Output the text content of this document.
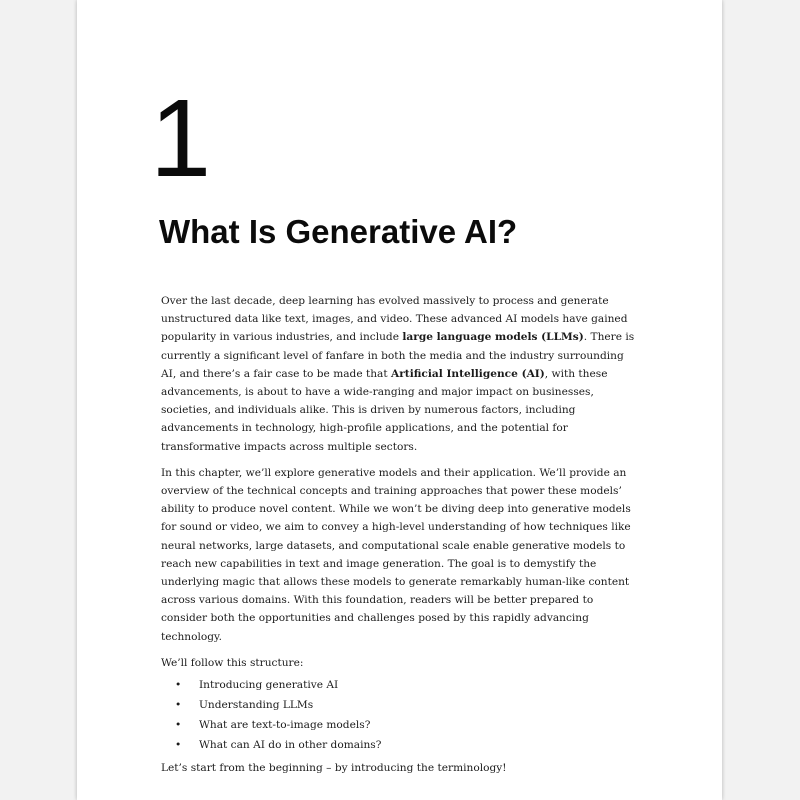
1
What Is Generative AI?

Over the last decade, deep learning has evolved massively to process and generate unstructured data like text, images, and video. These advanced AI models have gained popularity in various industries, and include large language models (LLMs). There is currently a significant level of fanfare in both the media and the industry surrounding AI, and there’s a fair case to be made that Artificial Intelligence (AI), with these advancements, is about to have a wide-ranging and major impact on businesses, societies, and individuals alike. This is driven by numerous factors, including advancements in technology, high-profile applications, and the potential for transformative impacts across multiple sectors.

In this chapter, we’ll explore generative models and their application. We’ll provide an overview of the technical concepts and training approaches that power these models’ ability to produce novel content. While we won’t be diving deep into generative models for sound or video, we aim to convey a high-level understanding of how techniques like neural networks, large datasets, and computational scale enable generative models to reach new capabilities in text and image generation. The goal is to demystify the underlying magic that allows these models to generate remarkably human-like content across various domains. With this foundation, readers will be better prepared to consider both the opportunities and challenges posed by this rapidly advancing technology.

We’ll follow this structure:

• Introducing generative AI
• Understanding LLMs
• What are text-to-image models?
• What can AI do in other domains?

Let’s start from the beginning – by introducing the terminology!
